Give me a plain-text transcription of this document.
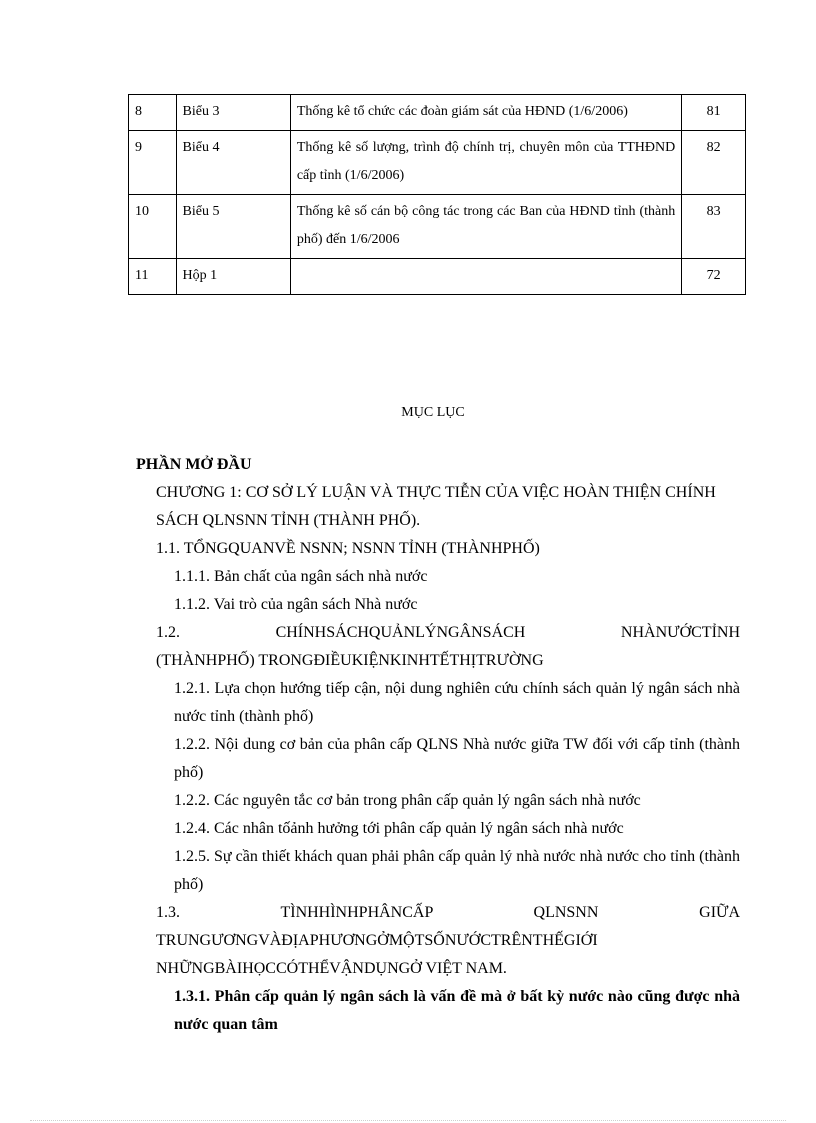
8	Biểu 3	Thống kê tổ chức các đoàn giám sát của HĐND (1/6/2006)	81
9	Biểu 4	Thống kê số lượng, trình độ chính trị, chuyên môn của TTHĐND cấp tỉnh (1/6/2006)	82
10	Biểu 5	Thống kê số cán bộ công tác trong các Ban của HĐND tỉnh (thành phố) đến 1/6/2006	83
11	Hộp 1		72
MỤC LỤC

PHẦN MỞ ĐẦU

CHƯƠNG 1: CƠ SỞ LÝ LUẬN VÀ THỰC TIỄN CỦA VIỆC HOÀN THIỆN CHÍNH SÁCH QLNSNN TỈNH (THÀNH PHỐ).

1.1. TỔNGQUANVỀ NSNN; NSNN TỈNH (THÀNHPHỐ)

1.1.1. Bản chất của ngân sách nhà nước

1.1.2. Vai trò của ngân sách Nhà nước

1.2. CHÍNHSÁCHQUẢNLÝNGÂNSÁCH NHÀNƯỚCTỈNH

(THÀNHPHỐ) TRONGĐIỀUKIỆNKINHTẾTHỊTRƯỜNG

1.2.1. Lựa chọn hướng tiếp cận, nội dung nghiên cứu chính sách quản lý ngân sách nhà nước tỉnh (thành phố)

1.2.2. Nội dung cơ bản của phân cấp QLNS Nhà nước giữa TW đối với cấp tỉnh (thành phố)

1.2.2. Các nguyên tắc cơ bản trong phân cấp quản lý ngân sách nhà nước

1.2.4. Các nhân tốảnh hưởng tới phân cấp quản lý ngân sách nhà nước

1.2.5. Sự cần thiết khách quan phải phân cấp quản lý nhà nước nhà nước cho tỉnh (thành phố)

1.3. TÌNHHÌNHPHÂNCẤP QLNSNN GIỮA

TRUNGƯƠNGVÀĐỊAPHƯƠNGỞMỘTSỐNƯỚCTRÊNTHẾGIỚI

NHỮNGBÀIHỌCCÓTHỂVẬNDỤNGỞ VIỆT NAM.

1.3.1. Phân cấp quản lý ngân sách là vấn đề mà ở bất kỳ nước nào cũng được nhà nước quan tâm
